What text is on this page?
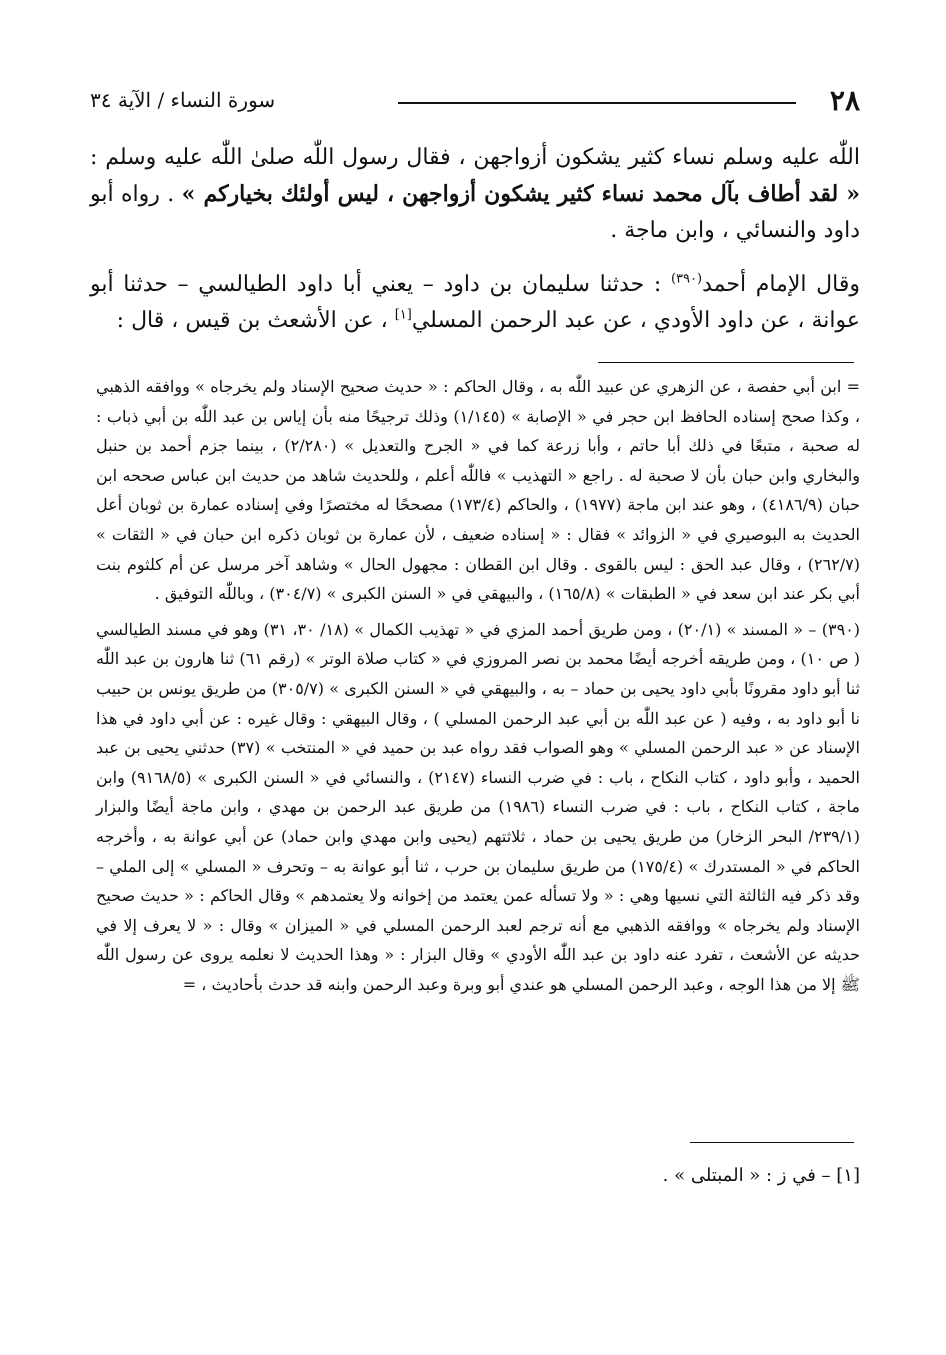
٢٨
سورة النساء / الآية ٣٤

اللّٰه عليه وسلم نساء كثير يشكون أزواجهن ، فقال رسول اللّٰه صلىٰ اللّٰه عليه وسلم : « لقد أطاف بآل محمد نساء كثير يشكون أزواجهن ، ليس أولئك بخياركم » . رواه أبو داود والنسائي ، وابن ماجة .

وقال الإمام أحمد$^{(٣٩٠)}$ : حدثنا سليمان بن داود – يعني أبا داود الطيالسي – حدثنا أبو عوانة ، عن داود الأودي ، عن عبد الرحمن المسلي[١] ، عن الأشعث بن قيس ، قال :

= ابن أبي حفصة ، عن الزهري عن عبيد اللّٰه به ، وقال الحاكم : « حديث صحيح الإسناد ولم يخرجاه » ووافقه الذهبي ، وكذا صحح إسناده الحافظ ابن حجر في « الإصابة » (١/١٤٥) وذلك ترجيحًا منه بأن إياس بن عبد اللّٰه بن أبي ذباب : له صحبة ، متبعًا في ذلك أبا حاتم ، وأبا زرعة كما في « الجرح والتعديل » (٢/٢٨٠) ، بينما جزم أحمد بن حنبل والبخاري وابن حبان بأن لا صحبة له . راجع « التهذيب » فاللّٰه أعلم ، وللحديث شاهد من حديث ابن عباس صححه ابن حبان (٤١٨٦/٩) ، وهو عند ابن ماجة (١٩٧٧) ، والحاكم (١٧٣/٤) مصححًا له مختصرًا وفي إسناده عمارة بن ثوبان أعل الحديث به البوصيري في « الزوائد » فقال : « إسناده ضعيف ، لأن عمارة بن ثوبان ذكره ابن حبان في « الثقات » (٢٦٢/٧) ، وقال عبد الحق : ليس بالقوى . وقال ابن القطان : مجهول الحال » وشاهد آخر مرسل عن أم كلثوم بنت أبي بكر عند ابن سعد في « الطبقات » (١٦٥/٨) ، والبيهقي في « السنن الكبرى » (٣٠٤/٧) ، وباللّٰه التوفيق .

(٣٩٠) – « المسند » (٢٠/١) ، ومن طريق أحمد المزي في « تهذيب الكمال » (١٨/ ٣٠، ٣١) وهو في مسند الطيالسي ( ص ١٠) ، ومن طريقه أخرجه أيضًا محمد بن نصر المروزي في « كتاب صلاة الوتر » (رقم ٦١) ثنا هارون بن عبد اللّٰه ثنا أبو داود مقرونًا بأبي داود يحيى بن حماد – به ، والبيهقي في « السنن الكبرى » (٣٠٥/٧) من طريق يونس بن حبيب نا أبو داود به ، وفيه ( عن عبد اللّٰه بن أبي عبد الرحمن المسلي ) ، وقال البيهقي : وقال غيره : عن أبي داود في هذا الإسناد عن « عبد الرحمن المسلي » وهو الصواب فقد رواه عبد بن حميد في « المنتخب » (٣٧) حدثني يحيى بن عبد الحميد ، وأبو داود ، كتاب النكاح ، باب : في ضرب النساء (٢١٤٧) ، والنسائي في « السنن الكبرى » (٩١٦٨/٥) وابن ماجة ، كتاب النكاح ، باب : في ضرب النساء (١٩٨٦) من طريق عبد الرحمن بن مهدي ، وابن ماجة أيضًا والبزار (٢٣٩/١/ البحر الزخار) من طريق يحيى بن حماد ، ثلاثتهم (يحيى وابن مهدي وابن حماد) عن أبي عوانة به ، وأخرجه الحاكم في « المستدرك » (١٧٥/٤) من طريق سليمان بن حرب ، ثنا أبو عوانة به – وتحرف « المسلي » إلى الملي – وقد ذكر فيه الثالثة التي نسيها وهي : « ولا تسأله عمن يعتمد من إخوانه ولا يعتمدهم » وقال الحاكم : « حديث صحيح الإسناد ولم يخرجاه » ووافقه الذهبي مع أنه ترجم لعبد الرحمن المسلي في « الميزان » وقال : « لا يعرف إلا في حديثه عن الأشعث ، تفرد عنه داود بن عبد اللّٰه الأودي » وقال البزار : « وهذا الحديث لا نعلمه يروى عن رسول اللّٰه ﷺ إلا من هذا الوجه ، وعبد الرحمن المسلي هو عندي أبو وبرة وعبد الرحمن وابنه قد حدث بأحاديث ، =

[١] – في ز : « المبتلى » .
